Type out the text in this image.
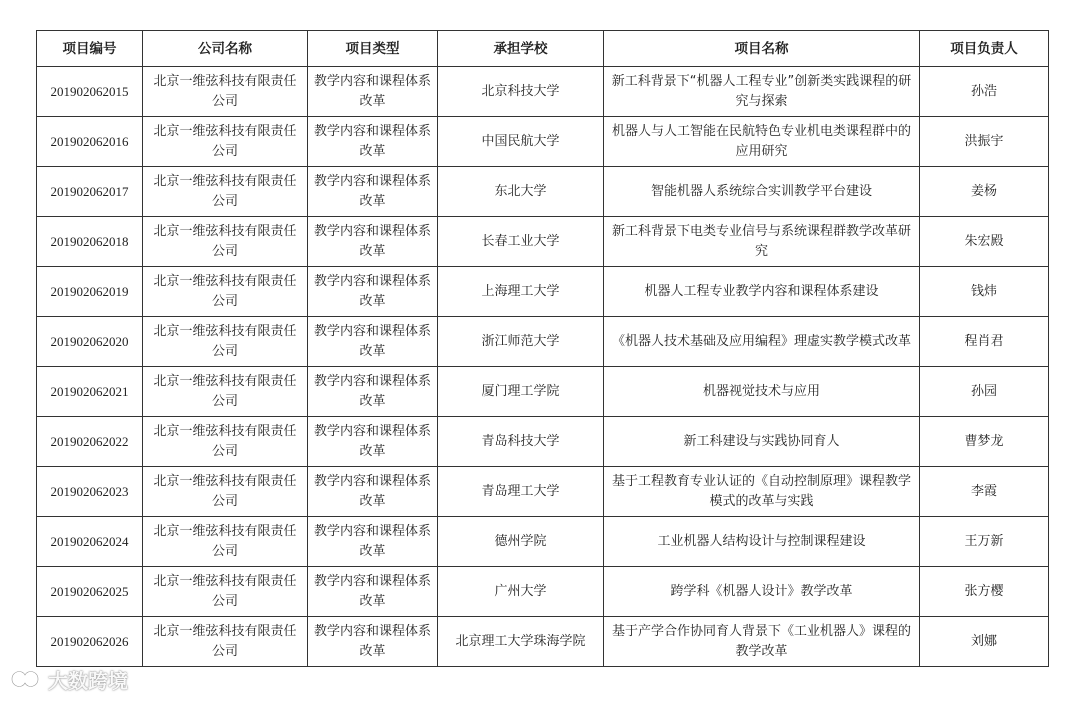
项目编号	公司名称	项目类型	承担学校	项目名称	项目负责人
201902062015	北京一维弦科技有限责任公司	教学内容和课程体系改革	北京科技大学	新工科背景下“机器人工程专业”创新类实践课程的研究与探索	孙浩
201902062016	北京一维弦科技有限责任公司	教学内容和课程体系改革	中国民航大学	机器人与人工智能在民航特色专业机电类课程群中的应用研究	洪振宇
201902062017	北京一维弦科技有限责任公司	教学内容和课程体系改革	东北大学	智能机器人系统综合实训教学平台建设	姜杨
201902062018	北京一维弦科技有限责任公司	教学内容和课程体系改革	长春工业大学	新工科背景下电类专业信号与系统课程群教学改革研究	朱宏殿
201902062019	北京一维弦科技有限责任公司	教学内容和课程体系改革	上海理工大学	机器人工程专业教学内容和课程体系建设	钱炜
201902062020	北京一维弦科技有限责任公司	教学内容和课程体系改革	浙江师范大学	《机器人技术基础及应用编程》理虚实教学模式改革	程肖君
201902062021	北京一维弦科技有限责任公司	教学内容和课程体系改革	厦门理工学院	机器视觉技术与应用	孙园
201902062022	北京一维弦科技有限责任公司	教学内容和课程体系改革	青岛科技大学	新工科建设与实践协同育人	曹梦龙
201902062023	北京一维弦科技有限责任公司	教学内容和课程体系改革	青岛理工大学	基于工程教育专业认证的《自动控制原理》课程教学模式的改革与实践	李霞
201902062024	北京一维弦科技有限责任公司	教学内容和课程体系改革	德州学院	工业机器人结构设计与控制课程建设	王万新
201902062025	北京一维弦科技有限责任公司	教学内容和课程体系改革	广州大学	跨学科《机器人设计》教学改革	张方樱
201902062026	北京一维弦科技有限责任公司	教学内容和课程体系改革	北京理工大学珠海学院	基于产学合作协同育人背景下《工业机器人》课程的教学改革	刘娜
大数跨境
